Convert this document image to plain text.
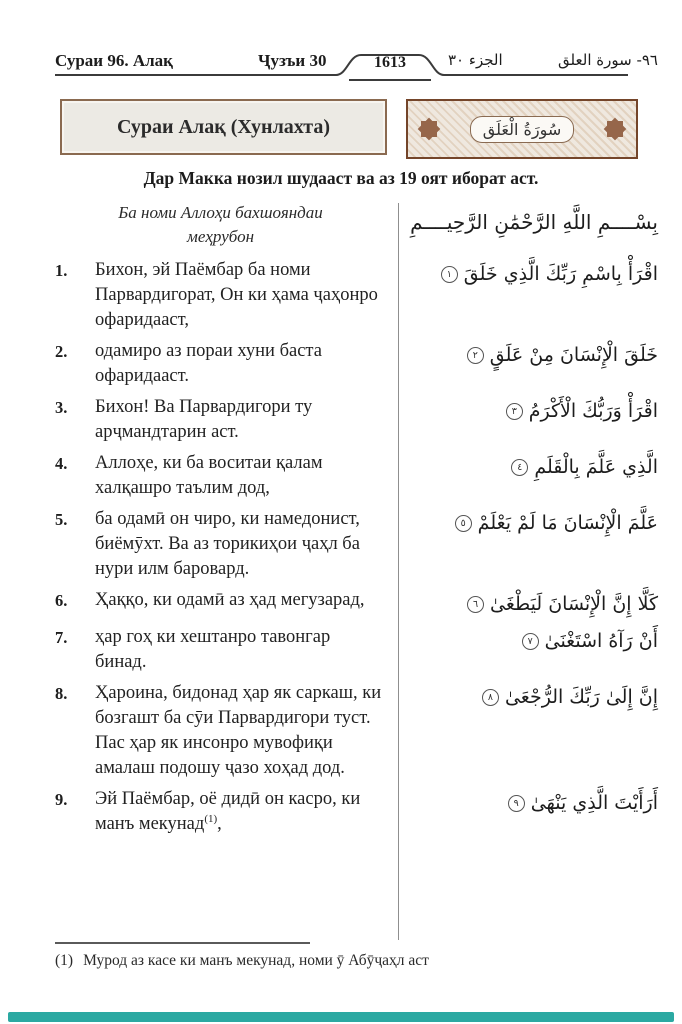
Сураи 96. Алақ	Ҷузъи 30	1613	الجزء ٣٠	٩٦- سورة العلق
Сураи Алақ (Хунлахта)	سُورَةُ الْعَلَق
Дар Макка нозил шудааст ва аз 19 оят иборат аст.
Ба номи Аллоҳи бахшояндаи меҳрубон
بِسْــــمِ اللَّهِ الرَّحْمَٰنِ الرَّحِيــــمِ
1.	Бихон, эй Паёмбар ба номи Парвардигорат, Он ки ҳама ҷаҳонро офаридааст,
اقْرَأْ بِاسْمِ رَبِّكَ الَّذِي خَلَقَ١
2.	одамиро аз пораи хуни баста офаридааст.
خَلَقَ الْإِنْسَانَ مِنْ عَلَقٍ٢
3.	Бихон! Ва Парвардигори ту арҷмандтарин аст.
اقْرَأْ وَرَبُّكَ الْأَكْرَمُ٣
4.	Аллоҳе, ки ба воситаи қалам халқашро таълим дод,
الَّذِي عَلَّمَ بِالْقَلَمِ٤
5.	ба одамӣ он чиро, ки намедонист, биёмӯхт. Ва аз торикиҳои ҷаҳл ба нури илм баровард.
عَلَّمَ الْإِنْسَانَ مَا لَمْ يَعْلَمْ٥
6.	Ҳаққо, ки одамӣ аз ҳад мегузарад,	كَلَّا إِنَّ الْإِنْسَانَ لَيَطْغَىٰ٦
7.	ҳар гоҳ ки хештанро тавонгар бинад.
أَنْ رَآهُ اسْتَغْنَىٰ٧
8.	Ҳароина, бидонад ҳар як саркаш, ки бозгашт ба сӯи Парвардигори туст. Пас ҳар як инсонро мувофиқи амалаш подошу ҷазо хоҳад дод.
إِنَّ إِلَىٰ رَبِّكَ الرُّجْعَىٰ٨
9.	Эй Паёмбар, оё дидӣ он касро, ки манъ мекунад$^{(1)}$,
أَرَأَيْتَ الَّذِي يَنْهَىٰ٩
(1) Мурод аз касе ки манъ мекунад, номи ӯ Абӯҷаҳл аст
